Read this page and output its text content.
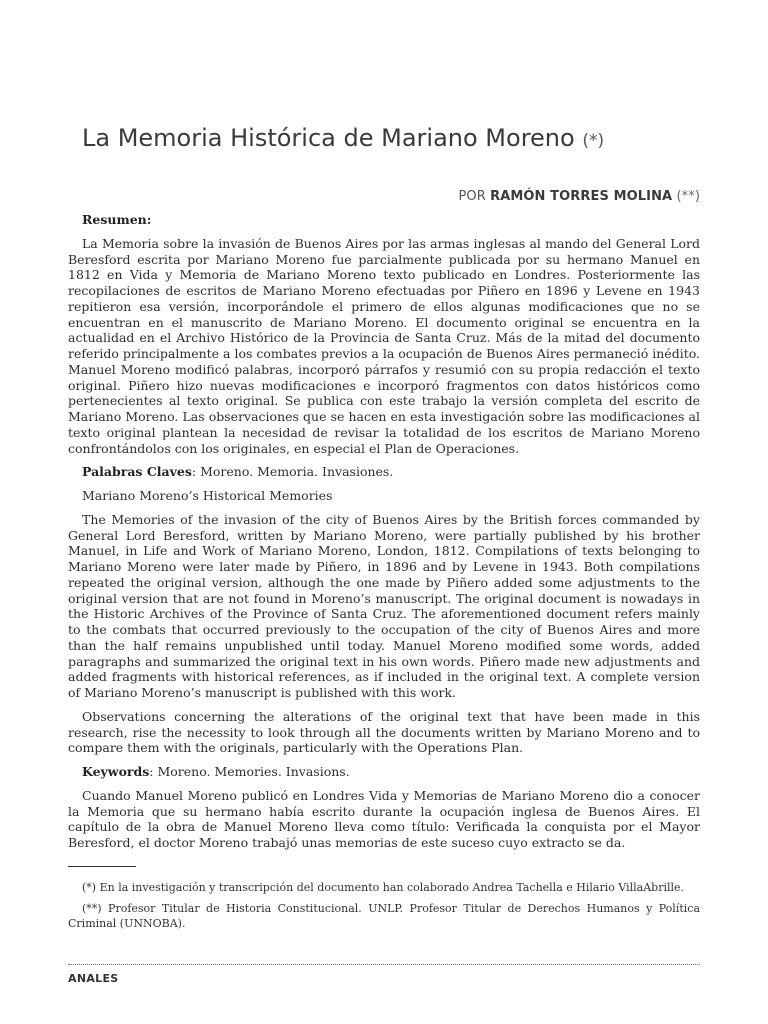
La Memoria Histórica de Mariano Moreno (*)
POR RAMÓN TORRES MOLINA (**)

Resumen:

La Memoria sobre la invasión de Buenos Aires por las armas inglesas al mando del General Lord Beresford escrita por Mariano Moreno fue parcialmente publicada por su hermano Manuel en 1812 en Vida y Memoria de Mariano Moreno texto publicado en Londres. Posteriormente las recopilaciones de escritos de Mariano Moreno efectuadas por Piñero en 1896 y Levene en 1943 repitieron esa versión, incorporándole el primero de ellos algunas modificaciones que no se encuentran en el manuscrito de Mariano Moreno. El documento original se encuentra en la actualidad en el Archivo Histórico de la Provincia de Santa Cruz. Más de la mitad del documento referido principalmente a los combates previos a la ocupación de Buenos Aires permaneció inédito. Manuel Moreno modificó palabras, incorporó párrafos y resumió con su propia redacción el texto original. Piñero hizo nuevas modificaciones e incorporó fragmentos con datos históricos como pertenecientes al texto original. Se publica con este trabajo la versión completa del escrito de Mariano Moreno. Las observaciones que se hacen en esta investigación sobre las modificaciones al texto original plantean la necesidad de revisar la totalidad de los escritos de Mariano Moreno confrontándolos con los originales, en especial el Plan de Operaciones.

Palabras Claves: Moreno. Memoria. Invasiones.

Mariano Moreno’s Historical Memories

The Memories of the invasion of the city of Buenos Aires by the British forces commanded by General Lord Beresford, written by Mariano Moreno, were partially published by his brother Manuel, in Life and Work of Mariano Moreno, London, 1812. Compilations of texts belonging to Mariano Moreno were later made by Piñero, in 1896 and by Levene in 1943. Both compilations repeated the original version, although the one made by Piñero added some adjustments to the original version that are not found in Moreno’s manuscript. The original document is nowadays in the Historic Archives of the Province of Santa Cruz. The aforementioned document refers mainly to the combats that occurred previously to the occupation of the city of Buenos Aires and more than the half remains unpublished until today. Manuel Moreno modified some words, added paragraphs and summarized the original text in his own words. Piñero made new adjustments and added fragments with historical references, as if included in the original text. A complete version of Mariano Moreno’s manuscript is published with this work.

Observations concerning the alterations of the original text that have been made in this research, rise the necessity to look through all the documents written by Mariano Moreno and to compare them with the originals, particularly with the Operations Plan.

Keywords: Moreno. Memories. Invasions.

Cuando Manuel Moreno publicó en Londres Vida y Memorias de Mariano Moreno dio a conocer la Memoria que su hermano había escrito durante la ocupación inglesa de Buenos Aires. El capítulo de la obra de Manuel Moreno lleva como título: Verificada la conquista por el Mayor Beresford, el doctor Moreno trabajó unas memorias de este suceso cuyo extracto se da.

(*) En la investigación y transcripción del documento han colaborado Andrea Tachella e Hilario VillaAbrille.

(**) Profesor Titular de Historia Constitucional. UNLP. Profesor Titular de Derechos Humanos y Política Criminal (UNNOBA).

ANALES
